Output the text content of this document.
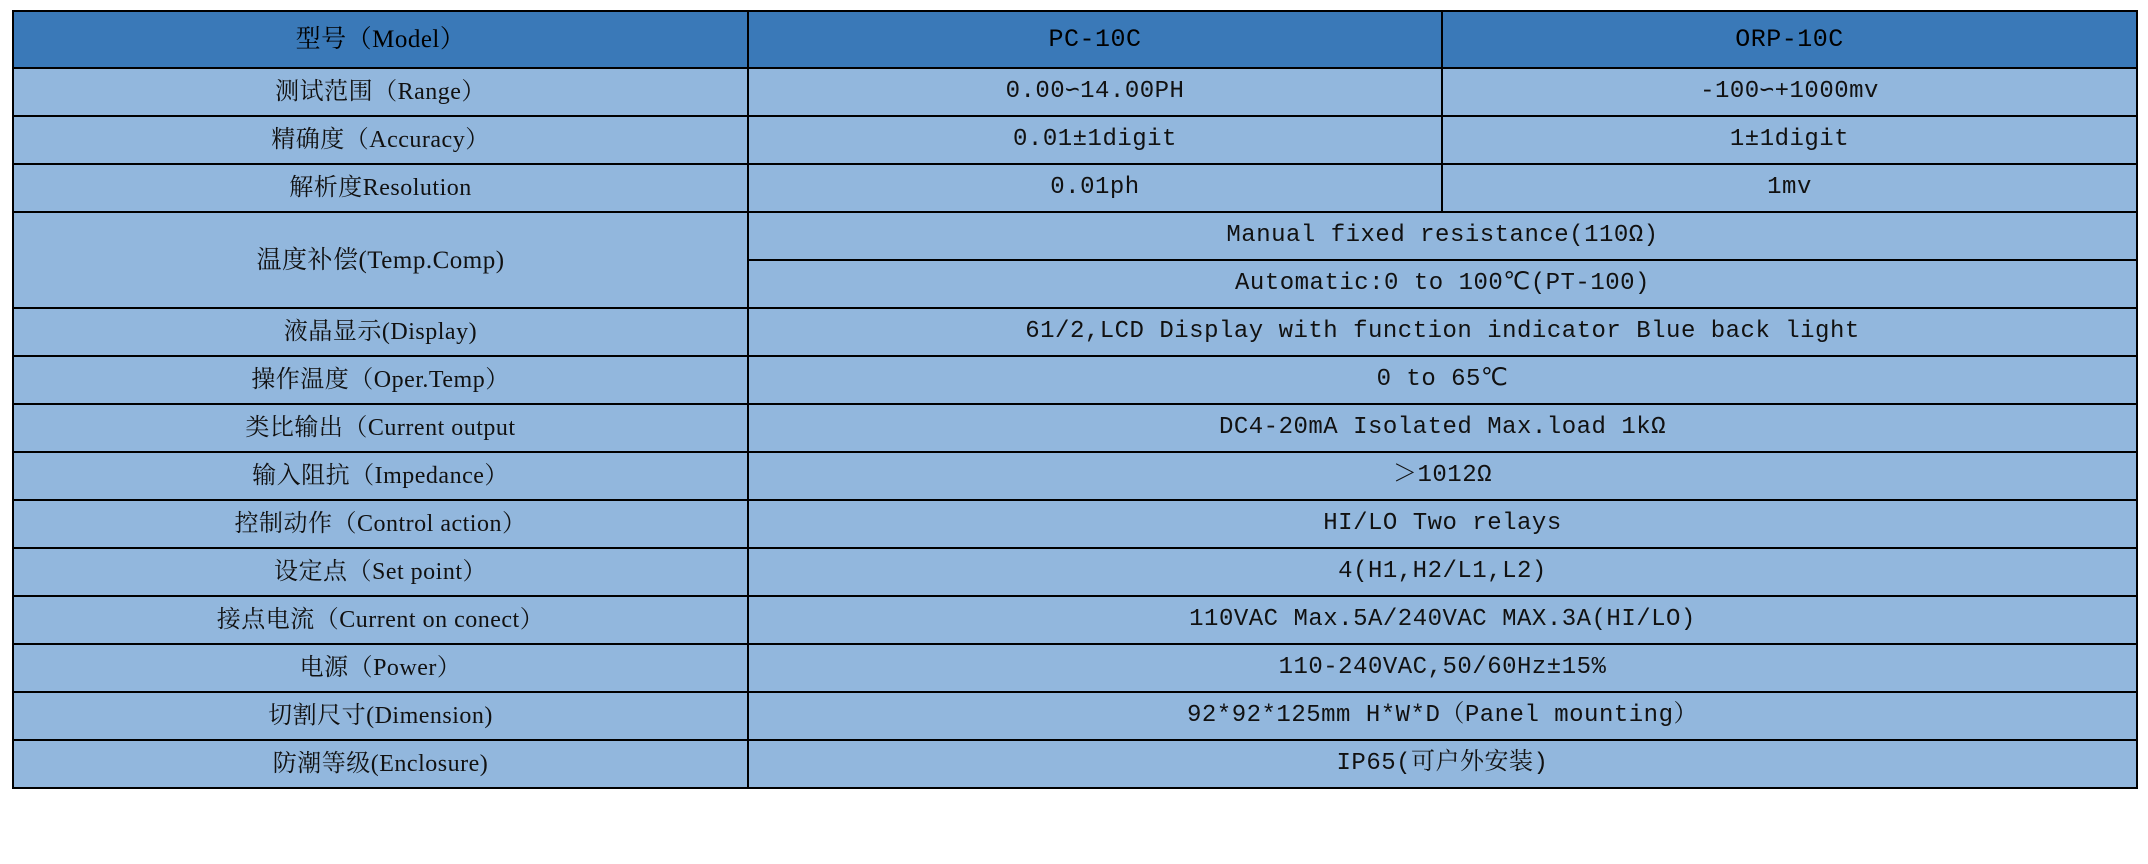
型号（Model）	PC-10C	ORP-10C
测试范围（Range）	0.00∽14.00PH	-100∽+1000mv
精确度（Accuracy）	0.01±1digit	1±1digit
解析度Resolution	0.01ph	1mv
温度补偿(Temp.Comp)	Manual fixed resistance(110Ω)	
	Automatic:0 to 100℃(PT-100)	
液晶显示(Display)	61/2,LCD Display with function indicator Blue back light	
操作温度（Oper.Temp）	0 to 65℃	
类比输出（Current output	DC4-20mA Isolated Max.load 1kΩ	
输入阻抗（Impedance）	＞1012Ω	
控制动作（Control action）	HI/LO Two relays	
设定点（Set point）	4(H1,H2/L1,L2)	
接点电流（Current on conect）	110VAC Max.5A/240VAC MAX.3A(HI/LO)	
电源（Power）	110-240VAC,50/60Hz±15%	
切割尺寸(Dimension)	92*92*125mm H*W*D（Panel mounting）	
防潮等级(Enclosure)	IP65(可户外安装)	
